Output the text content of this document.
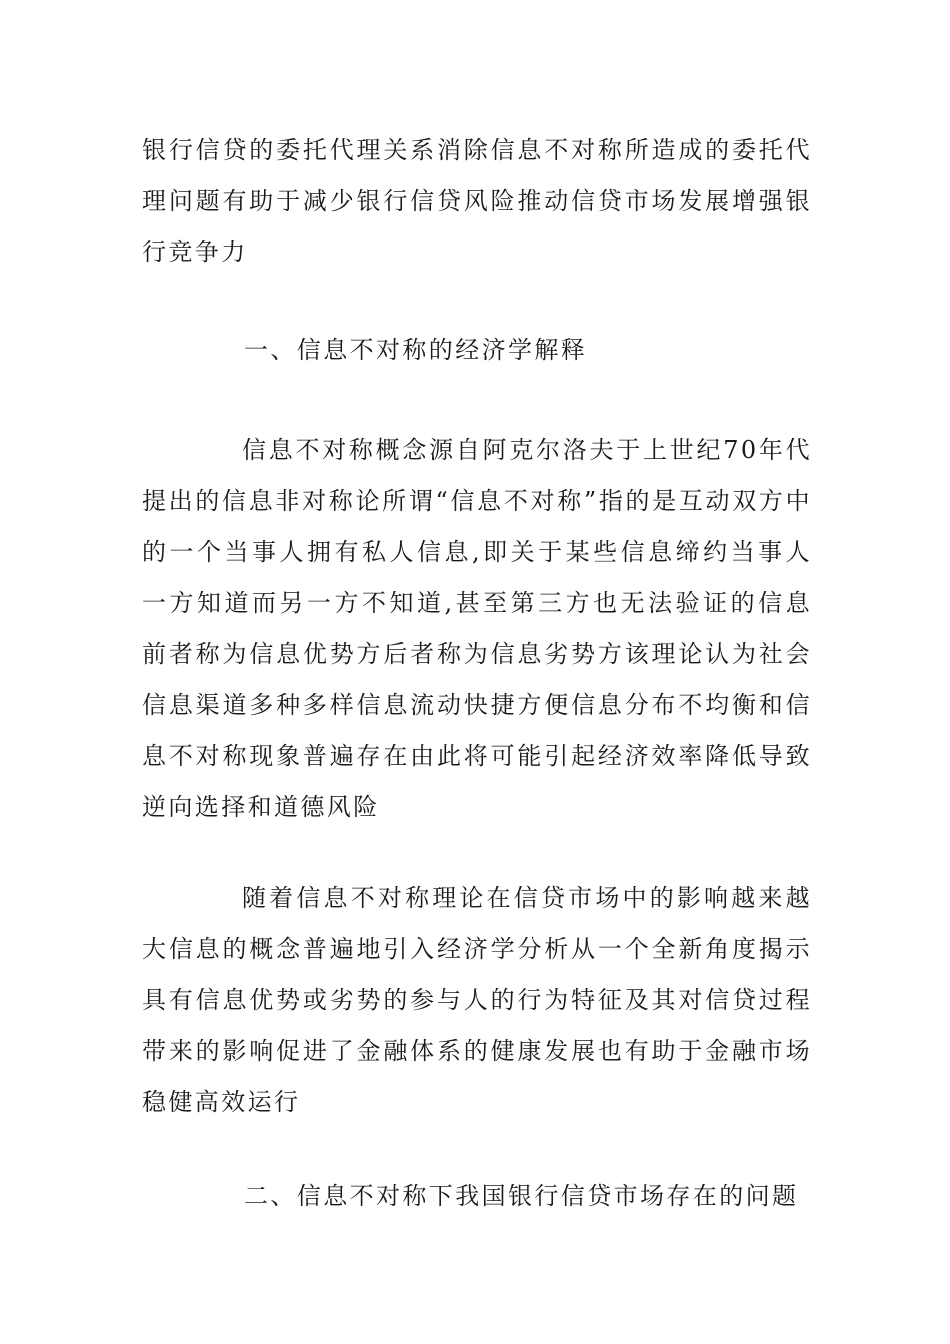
银行信贷的委托代理关系消除信息不对称所造成的委托代理问题有助于减少银行信贷风险推动信贷市场发展增强银行竞争力
一、信息不对称的经济学解释
信息不对称概念源自阿克尔洛夫于上世纪70年代提出的信息非对称论所谓“信息不对称”指的是互动双方中的一个当事人拥有私人信息,即关于某些信息缔约当事人一方知道而另一方不知道,甚至第三方也无法验证的信息前者称为信息优势方后者称为信息劣势方该理论认为社会信息渠道多种多样信息流动快捷方便信息分布不均衡和信息不对称现象普遍存在由此将可能引起经济效率降低导致逆向选择和道德风险
随着信息不对称理论在信贷市场中的影响越来越大信息的概念普遍地引入经济学分析从一个全新角度揭示具有信息优势或劣势的参与人的行为特征及其对信贷过程带来的影响促进了金融体系的健康发展也有助于金融市场稳健高效运行
二、信息不对称下我国银行信贷市场存在的问题
